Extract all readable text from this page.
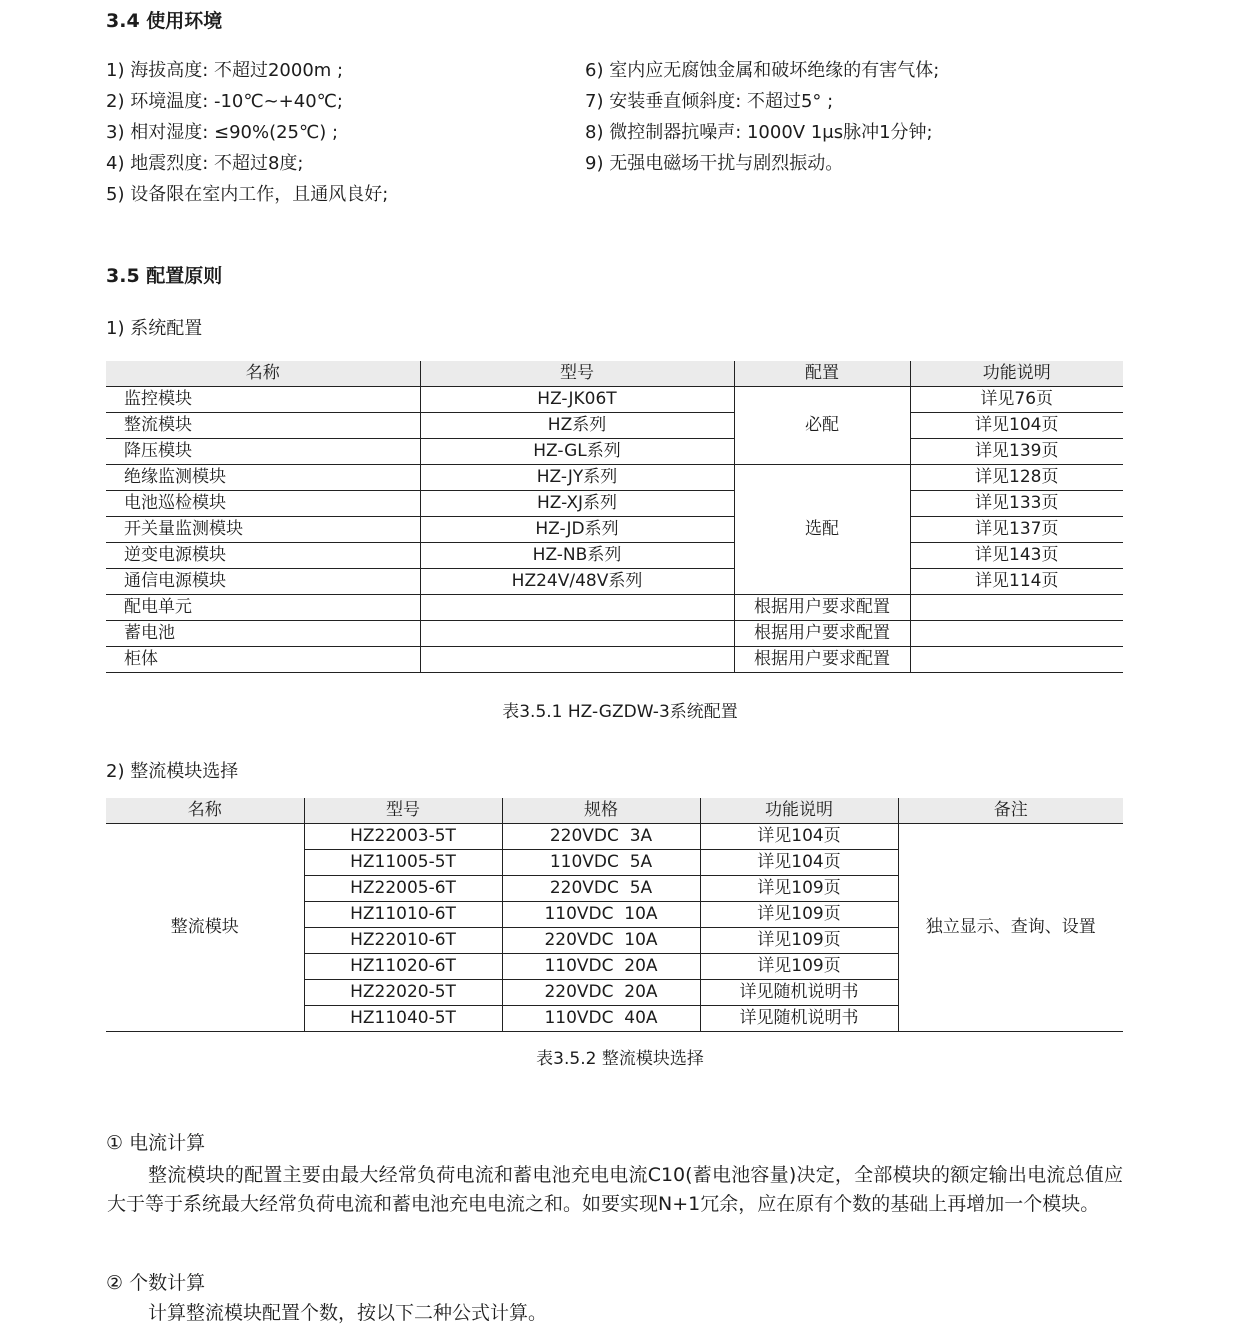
3.4 使用环境
1) 海拔高度: 不超过2000m ;
2) 环境温度: -10℃~+40℃;
3) 相对湿度: ≤90%(25℃) ;
4) 地震烈度: 不超过8度;
5) 设备限在室内工作，且通风良好;
6) 室内应无腐蚀金属和破坏绝缘的有害气体;
7) 安装垂直倾斜度: 不超过5° ;
8) 微控制器抗噪声: 1000V 1μs脉冲1分钟;
9) 无强电磁场干扰与剧烈振动。
3.5 配置原则
1) 系统配置
名称	型号	配置	功能说明
监控模块	HZ-JK06T	必配	详见76页
整流模块	HZ系列		详见104页
降压模块	HZ-GL系列		详见139页
绝缘监测模块	HZ-JY系列	选配	详见128页
电池巡检模块	HZ-XJ系列		详见133页
开关量监测模块	HZ-JD系列		详见137页
逆变电源模块	HZ-NB系列		详见143页
通信电源模块	HZ24V/48V系列		详见114页
配电单元		根据用户要求配置	
蓄电池		根据用户要求配置	
柜体		根据用户要求配置	
表3.5.1 HZ-GZDW-3系统配置
2) 整流模块选择
名称	型号	规格	功能说明	备注
整流模块	HZ22003-5T	220VDC  3A	详见104页	独立显示、查询、设置
	HZ11005-5T	110VDC  5A	详见104页	
	HZ22005-6T	220VDC  5A	详见109页	
	HZ11010-6T	110VDC  10A	详见109页	
	HZ22010-6T	220VDC  10A	详见109页	
	HZ11020-6T	110VDC  20A	详见109页	
	HZ22020-5T	220VDC  20A	详见随机说明书	
	HZ11040-5T	110VDC  40A	详见随机说明书	
表3.5.2 整流模块选择
① 电流计算
整流模块的配置主要由最大经常负荷电流和蓄电池充电电流C10(蓄电池容量)决定，全部模块的额定输出电流总值应大于等于系统最大经常负荷电流和蓄电池充电电流之和。如要实现N+1冗余，应在原有个数的基础上再增加一个模块。
② 个数计算
计算整流模块配置个数，按以下二种公式计算。
